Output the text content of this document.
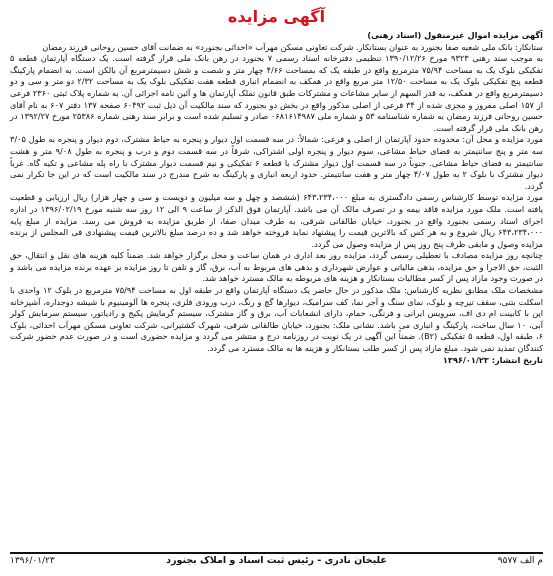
آگهی مزایده

آگهی مزایده اموال غیرمنقول (اسناد رهنی)

ستانکار: بانک ملی شعبه صفا بجنورد به عنوان بستانکار. شرکت تعاونی مسکن مهرآب «احداثی بجنورد» به ضمانت آقای حسین روحانی فرزند رمضان

به موجب سند رهنی ۹۳۲۳ مورخ ۱۳۹۰/۱۲/۲۶ تنظیمی دفترخانه اسناد رسمی ۷ بجنورد در رهن بانک ملی قرار گرفته است. یک دستگاه آپارتمان قطعه ۵ تفکیکی بلوک یک به مساحت ۷۵/۹۴ مترمربع واقع در طبقه یک که بمساحت ۴/۶۶ چهار متر و شصت و شش دسیمترمربع آن بالکن است. به انضمام پارکینگ قطعه پنج تفکیکی بلوک یک به مساحت ۱۲/۵۰ متر مربع واقع در همکف به انضمام انباری قطعه هفت تفکیکی بلوک یک به مساحت ۲/۳۲ دو متر و سی و دو دسیمترمربع واقع در همکف، به قدر السهم از سایر مشاعات و مشترکات طبق قانون تملک آپارتمان ها و آئین نامه اجرائی آن. به شماره پلاک ثبتی ۲۳۶۰ فرعی از ۱۵۷ اصلی مفروز و مجزی شده از ۳۴ فرعی از اصلی مذکور واقع در بخش دو بجنورد که سند مالکیت آن ذیل ثبت ۶۰۴۹۲ صفحه ۱۳۷ دفتر ۶۰۷ به نام آقای حسین روحانی فرزند رمضان به شماره شناسنامه ۵۳ و شماره ملی ۰۶۸۱۶۱۴۹۸۷ صادر و تسلیم شده است و برابر سند رهنی شماره ۲۵۳۸۶ مورخ ۱۳۹۲/۲۷ در رهن بانک ملی قرار گرفته است.

مورد مزایده و محل آن: محدوده حدود آپارتمان از اصلی و فرعی: شمالاً: در سه قسمت اول دیوار و پنجره به حیاط مشترک، دوم دیوار و پنجره به طول ۳/۰۵ سه متر و پنج سانتیمتر به فضای حیاط مشاعی، سوم دیوار و پنجره اولی اشتراکی، شرقاً در سه قسمت دوم و درب و پنجره به طول ۹/۰۸ متر و هشت سانتیمتر به فضای حیاط مشاعی. جنوباً در سه قسمت اول دیوار مشترک با قطعه ۶ تفکیکی و نیم قسمت دیوار مشترک با راه پله مشاعی و تکیه گاه. غرباً دیوار مشترک با بلوک ۲ به طول ۴/۰۷ چهار متر و هفت سانتیمتر. حدود اربعه انباری و پارکینگ به شرح مندرج در سند مالکیت است که در این جا تکرار نمی گردد.

مورد مزایده توسط کارشناس رسمی دادگستری به مبلغ ۶۴۳،۲۳۴،۰۰۰ (ششصد و چهل و سه میلیون و دویست و سی و چهار هزار) ریال ارزیابی و قطعیت یافته است. ملک مورد مزایده فاقد بیمه و در تصرف مالک آن می باشد. آپارتمان فوق الذکر از ساعت ۹ الی ۱۲ روز سه شنبه مورخ ۱۳۹۶/۰۲/۱۹ در اداره اجرای اسناد رسمی بجنورد واقع در بجنورد، خیابان طالقانی شرقی، به طرف میدان صفا، از طریق مزایده به فروش می رسد. مزایده از مبلغ پایه ۶۴۳،۲۳۴،۰۰۰ ریال شروع و به هر کس که بالاترین قیمت را پیشنهاد نماید فروخته خواهد شد و ده درصد مبلغ بالاترین قیمت پیشنهادی فی المجلس از برنده مزایده وصول و مابقی ظرف پنج روز پس از مزایده وصول می گردد.

چنانچه روز مزایده مصادف با تعطیلی رسمی گردد، مزایده روز بعد اداری در همان ساعت و محل برگزار خواهد شد. ضمناً کلیه هزینه های نقل و انتقال، حق الثبت، حق الاجرا و حق مزایده، بدهی مالیاتی و عوارض شهرداری و بدهی های مربوط به آب، برق، گاز و تلفن تا روز مزایده بر عهده برنده مزایده می باشد و در صورت وجود مازاد پس از کسر مطالبات بستانکار و هزینه های مربوطه به مالک مسترد خواهد شد.

مشخصات ملک مطابق نظریه کارشناس: ملک مذکور در حال حاضر یک دستگاه آپارتمان واقع در طبقه اول به مساحت ۷۵/۹۴ مترمربع در بلوک ۱۲ واحدی با اسکلت بتنی، سقف تیرچه و بلوک، نمای سنگ و آجر نما، کف سرامیک، دیوارها گچ و رنگ، درب ورودی فلزی، پنجره ها آلومینیوم با شیشه دوجداره، آشپزخانه اپن با کابینت ام دی اف، سرویس ایرانی و فرنگی، حمام، دارای انشعابات آب، برق و گاز مشترک، سیستم گرمایش پکیج و رادیاتور، سیستم سرمایش کولر آبی، ۱۰ سال ساخت، پارکینگ و انباری می باشد. نشانی ملک: بجنورد، خیابان طالقانی شرقی، شهرک کشتیرانی، شرکت تعاونی مسکن مهرآب احداثی، بلوک ۶، طبقه اول، قطعه ۵ تفکیکی (B۲). ضمناً این آگهی در یک نوبت در روزنامه درج و منتشر می گردد و مزایده حضوری است و در صورت عدم حضور شرکت کنندگان تمدید نمی شود. مبلغ مازاد پس از کسر طلب بستانکار و هزینه ها به مالک مسترد می گردد.

تاریخ انتشار: ۱۳۹۶/۰۱/۲۳

م الف ۹۵۷۷
علیخان نادری - رئیس ثبت اسناد و املاک بجنورد
۱۳۹۶/۰۱/۲۳
